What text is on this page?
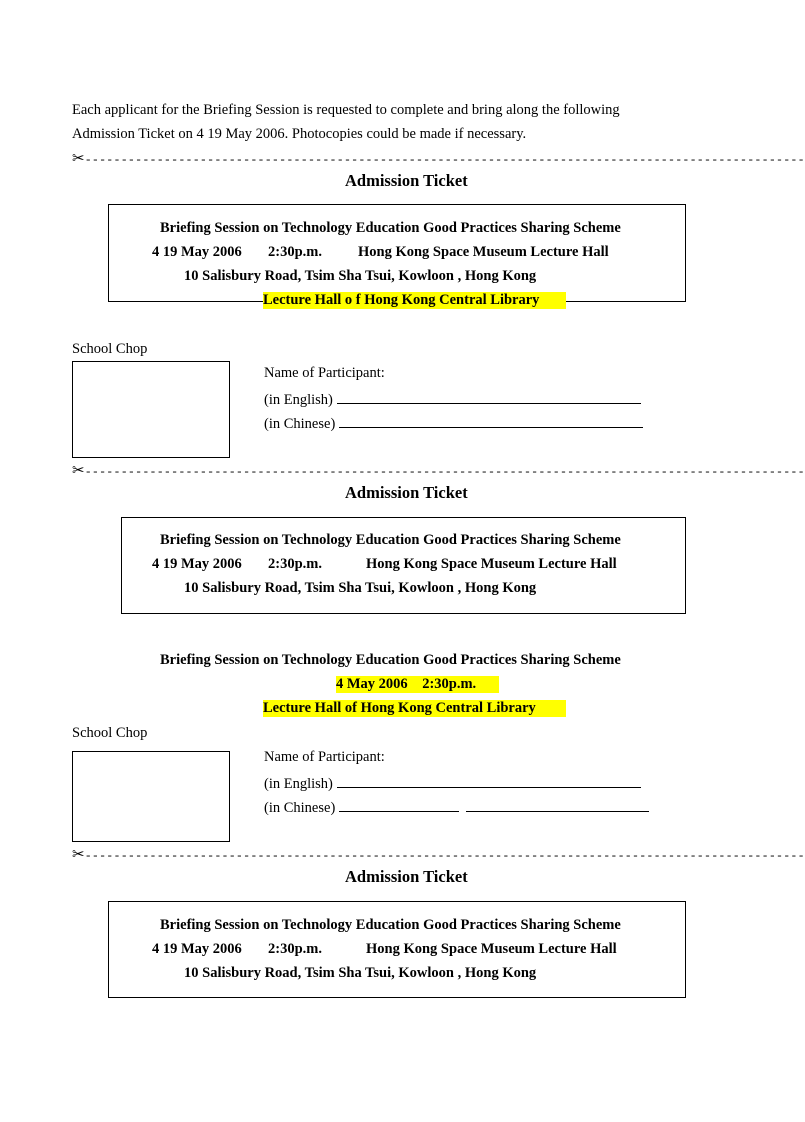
Each applicant for the Briefing Session is requested to complete and bring along the following
Admission Ticket on 4 19 May 2006. Photocopies could be made if necessary.
✂----------------------------------------------------------------------------------------------------
Admission Ticket
Briefing Session on Technology Education Good Practices Sharing Scheme
4 19 May 2006 2:30p.m. Hong Kong Space Museum Lecture Hall
10 Salisbury Road, Tsim Sha Tsui, Kowloon , Hong Kong
Lecture Hall o f Hong Kong Central Library
School Chop
Name of Participant:
(in English)
(in Chinese)
✂----------------------------------------------------------------------------------------------------
Admission Ticket
Briefing Session on Technology Education Good Practices Sharing Scheme
4 19 May 2006 2:30p.m.	Hong Kong Space Museum Lecture Hall
10 Salisbury Road, Tsim Sha Tsui, Kowloon , Hong Kong
Briefing Session on Technology Education Good Practices Sharing Scheme
4 May 2006 2:30p.m.
Lecture Hall of Hong Kong Central Library
School Chop
Name of Participant:
(in English)
(in Chinese)
✂----------------------------------------------------------------------------------------------------
Admission Ticket
Briefing Session on Technology Education Good Practices Sharing Scheme
4 19 May 2006 2:30p.m.	Hong Kong Space Museum Lecture Hall
10 Salisbury Road, Tsim Sha Tsui, Kowloon , Hong Kong
